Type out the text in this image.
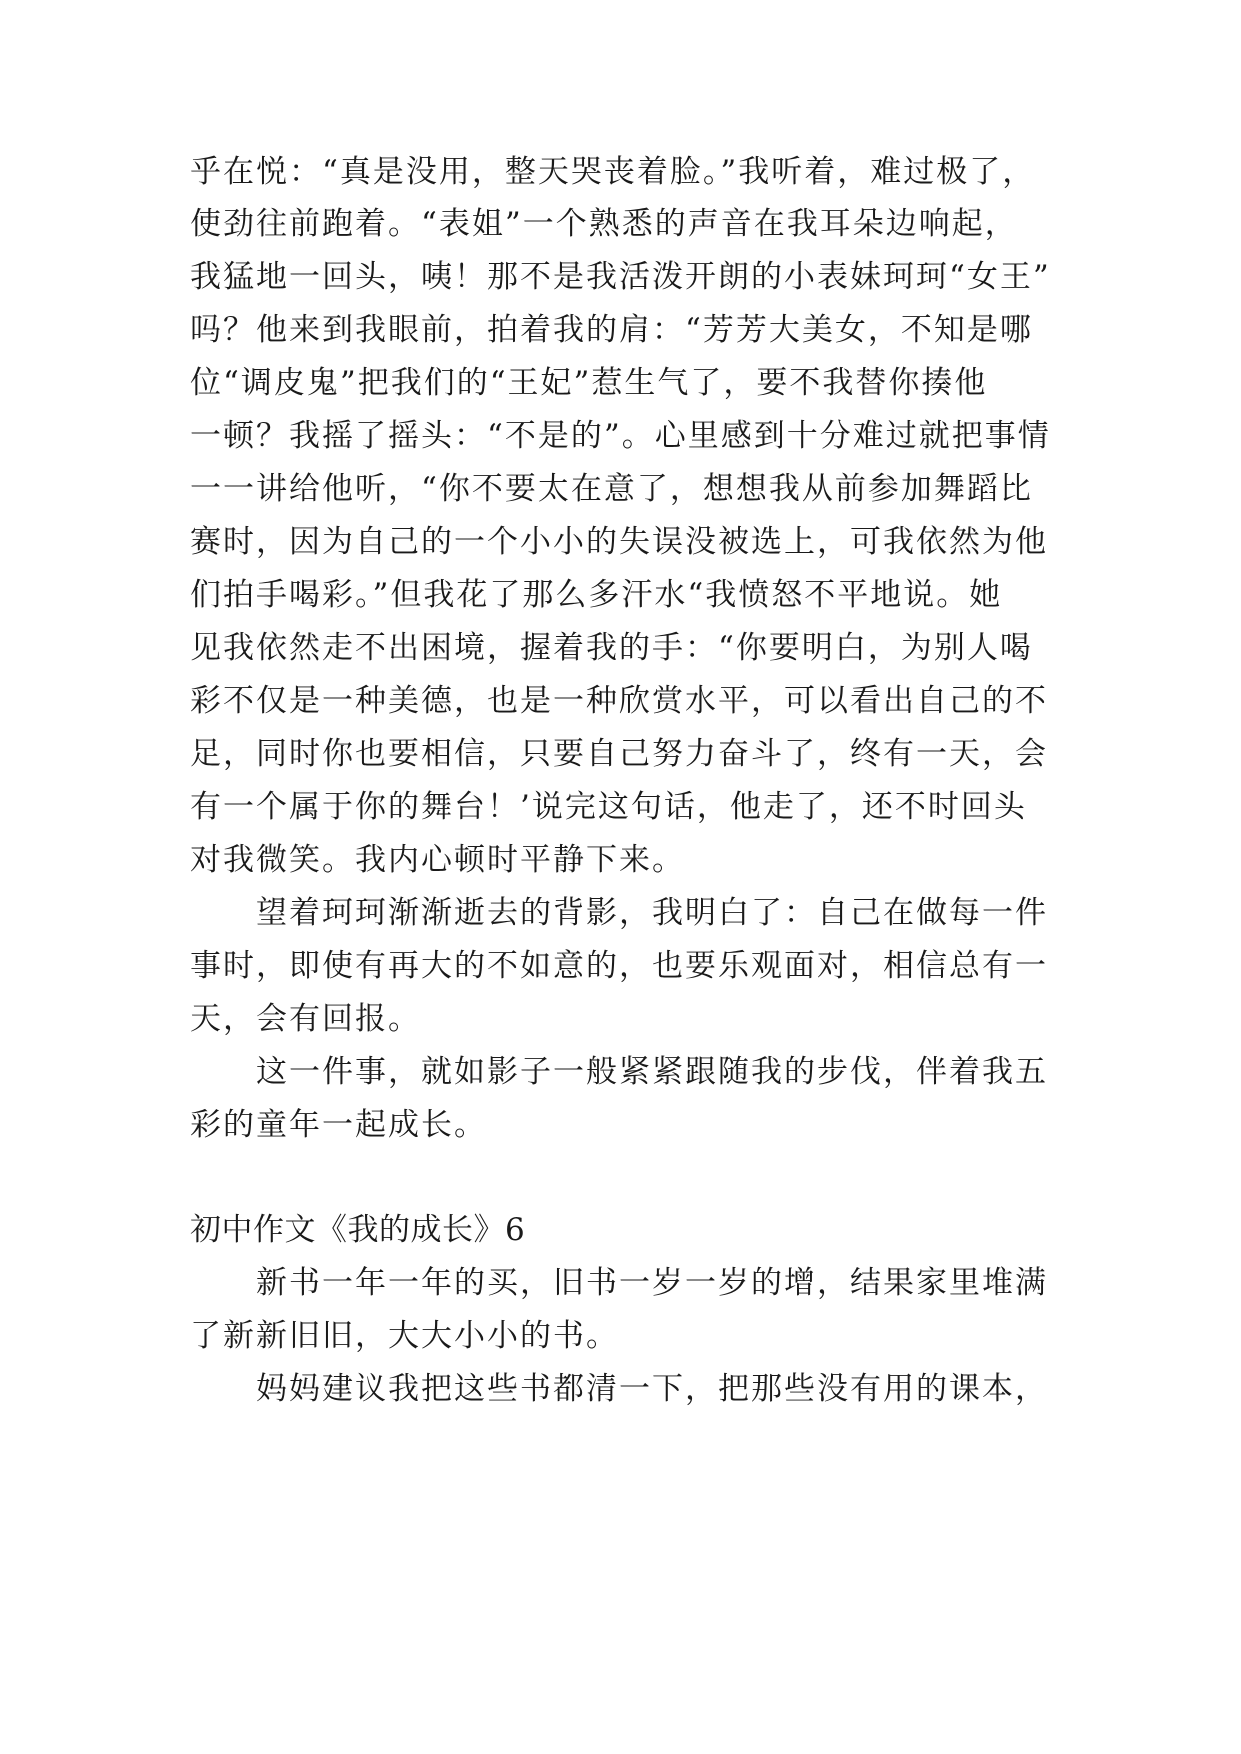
乎在悦：“真是没用，整天哭丧着脸。”我听着，难过极了，
使劲往前跑着。“表姐”一个熟悉的声音在我耳朵边响起，
我猛地一回头，咦！那不是我活泼开朗的小表妹珂珂“女王”
吗？他来到我眼前，拍着我的肩：“芳芳大美女，不知是哪
位“调皮鬼”把我们的“王妃”惹生气了，要不我替你揍他
一顿？我摇了摇头：“不是的”。心里感到十分难过就把事情
一一讲给他听，“你不要太在意了，想想我从前参加舞蹈比
赛时，因为自己的一个小小的失误没被选上，可我依然为他
们拍手喝彩。”但我花了那么多汗水“我愤怒不平地说。她
见我依然走不出困境，握着我的手：“你要明白，为别人喝
彩不仅是一种美德，也是一种欣赏水平，可以看出自己的不
足，同时你也要相信，只要自己努力奋斗了，终有一天，会
有一个属于你的舞台！’说完这句话，他走了，还不时回头
对我微笑。我内心顿时平静下来。
望着珂珂渐渐逝去的背影，我明白了：自己在做每一件
事时，即使有再大的不如意的，也要乐观面对，相信总有一
天，会有回报。
这一件事，就如影子一般紧紧跟随我的步伐，伴着我五
彩的童年一起成长。
初中作文《我的成长》6
新书一年一年的买，旧书一岁一岁的增，结果家里堆满
了新新旧旧，大大小小的书。
妈妈建议我把这些书都清一下，把那些没有用的课本，
